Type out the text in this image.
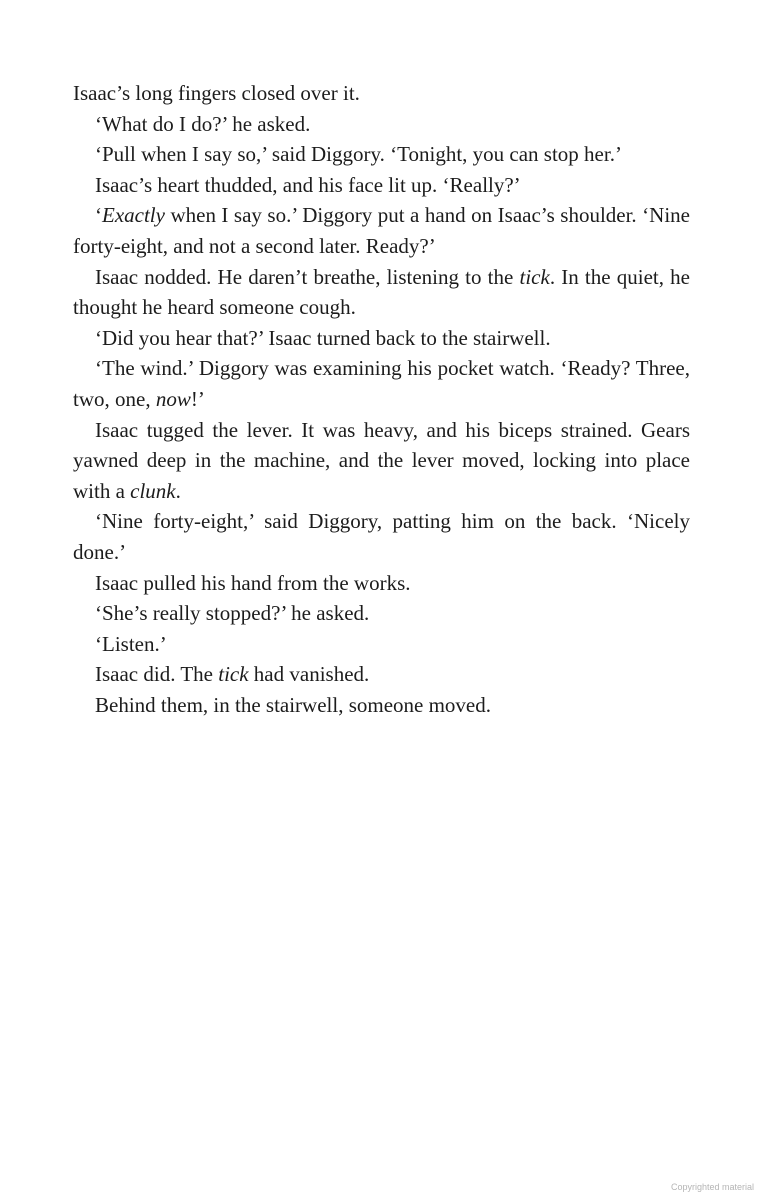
Isaac’s long fingers closed over it.

‘What do I do?’ he asked.

‘Pull when I say so,’ said Diggory. ‘Tonight, you can stop her.’

Isaac’s heart thudded, and his face lit up. ‘Really?’

‘Exactly when I say so.’ Diggory put a hand on Isaac’s shoulder. ‘Nine forty-eight, and not a second later. Ready?’

Isaac nodded. He daren’t breathe, listening to the tick. In the quiet, he thought he heard someone cough.

‘Did you hear that?’ Isaac turned back to the stairwell.

‘The wind.’ Diggory was examining his pocket watch. ‘Ready? Three, two, one, now!’

Isaac tugged the lever. It was heavy, and his biceps strained. Gears yawned deep in the machine, and the lever moved, locking into place with a clunk.

‘Nine forty-eight,’ said Diggory, patting him on the back. ‘Nicely done.’

Isaac pulled his hand from the works.

‘She’s really stopped?’ he asked.

‘Listen.’

Isaac did. The tick had vanished.

Behind them, in the stairwell, someone moved.

Copyrighted material
